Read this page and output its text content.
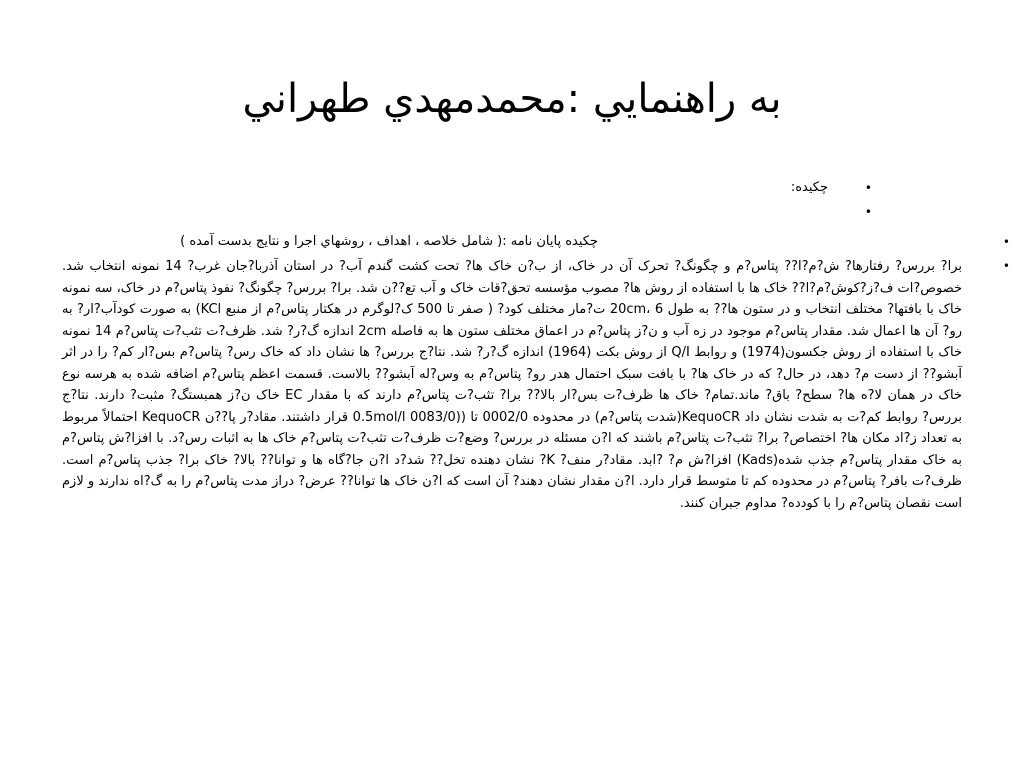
به راهنمايي :محمدمهدي طهراني
•
چکیده:
•
•
چکيده پايان نامه :( شامل خلاصه ، اهداف ، روشهاي اجرا و نتايج بدست آمده )
•
برا? بررس? رفتارها? ش?م?ا?? پتاس?م و چگونگ? تحرک آن در خاک، از ب?ن خاک ها? تحت کشت گندم آب? در استان آذربا?جان غرب? 14 نمونه انتخاب شد. خصوص?ات ف?ز?کوش?م?ا?? خاک ها با استفاده از روش ها? مصوب مؤسسه تحق?قات خاک و آب تع??ن شد. برا? بررس? چگونگ? نفوذ پتاس?م در خاک، سه نمونه خاک با بافتها? مختلف انتخاب و در ستون ها?? به طول 20cm، 6 ت?مار مختلف کود? ( صفر تا 500 ک?لوگرم در هکتار پتاس?م از منبع KCl) به صورت کودآب?ار? به رو? آن ها اعمال شد. مقدار پتاس?م موجود در زه آب و ن?ز پتاس?م در اعماق مختلف ستون ها به فاصله 2cm اندازه گ?ر? شد. ظرف?ت تثب?ت پتاس?م 14 نمونه خاک با استفاده از روش جکسون(1974) و روابط Q/I از روش بکت (1964) اندازه گ?ر? شد. نتا?ج بررس? ها نشان داد که خاک رس? پتاس?م بس?ار کم? را در اثر آبشو?? از دست م? دهد، در حال? که در خاک ها? با بافت سبک احتمال هدر رو? پتاس?م به وس?له آبشو?? بالاست. قسمت اعظم پتاس?م اضافه شده به هرسه نوع خاک در همان لا?ه ها? سطح? باق? ماند.تمام? خاک ها ظرف?ت بس?ار بالا?? برا? تثب?ت پتاس?م دارند که با مقدار EC خاک ن?ز همبستگ? مثبت? دارند. نتا?ج بررس? روابط کم?ت به شدت نشان داد KequoCR(شدت پتاس?م) در محدوده 0002/0 تا ((0083/0 0.5mol/l قرار داشتند. مقاد?ر پا??ن KequoCR احتمالاً مربوط به تعداد ز?اد مکان ها? اختصاص? برا? تثب?ت پتاس?م باشند که ا?ن مسئله در بررس? وضع?ت ظرف?ت تثب?ت پتاس?م خاک ها به اثبات رس?د. با افزا?ش پتاس?م به خاک مقدار پتاس?م جذب شده(Kads) افزا?ش م? ?ابد. مقاد?ر منف? K? نشان دهنده تخل?? شد?د ا?ن جا?گاه ها و توانا?? بالا? خاک برا? جذب پتاس?م است. ظرف?ت بافر? پتاس?م در محدوده کم تا متوسط قرار دارد. ا?ن مقدار نشان دهند? آن است که ا?ن خاک ها توانا?? عرض? دراز مدت پتاس?م را به گ?اه ندارند و لازم است نقصان پتاس?م را با کودده? مداوم جبران کنند.
